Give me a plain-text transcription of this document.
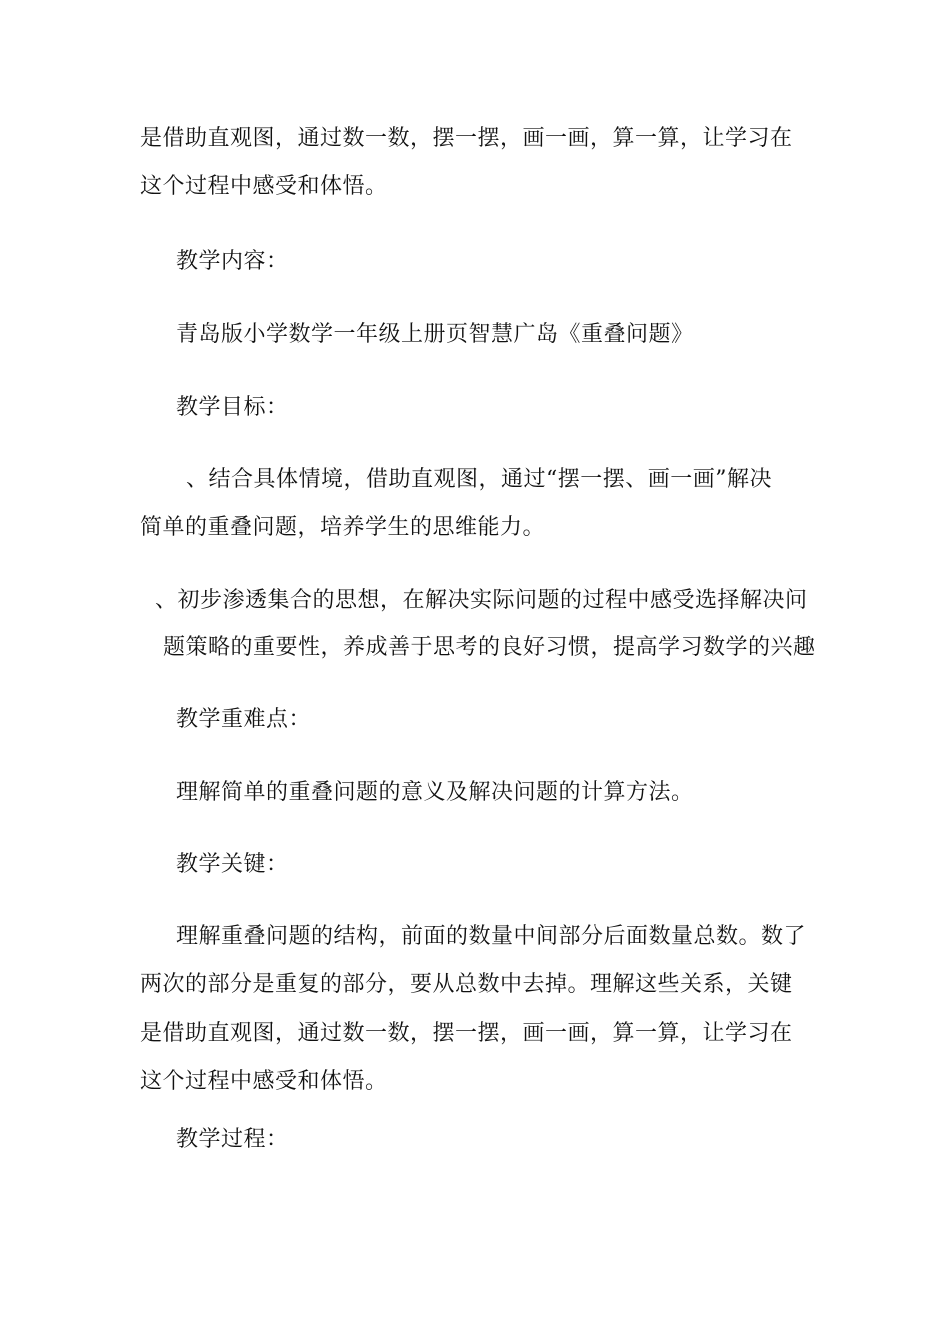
是借助直观图，通过数一数，摆一摆，画一画，算一算，让学习在
这个过程中感受和体悟。
教学内容：
青岛版小学数学一年级上册页智慧广岛《重叠问题》
教学目标：
、结合具体情境，借助直观图，通过“摆一摆、画一画”解决
简单的重叠问题，培养学生的思维能力。
、初步渗透集合的思想，在解决实际问题的过程中感受选择解决问
题策略的重要性，养成善于思考的良好习惯，提高学习数学的兴趣
教学重难点：
理解简单的重叠问题的意义及解决问题的计算方法。
教学关键：
理解重叠问题的结构，前面的数量中间部分后面数量总数。数了
两次的部分是重复的部分，要从总数中去掉。理解这些关系，关键
是借助直观图，通过数一数，摆一摆，画一画，算一算，让学习在
这个过程中感受和体悟。
教学过程：
